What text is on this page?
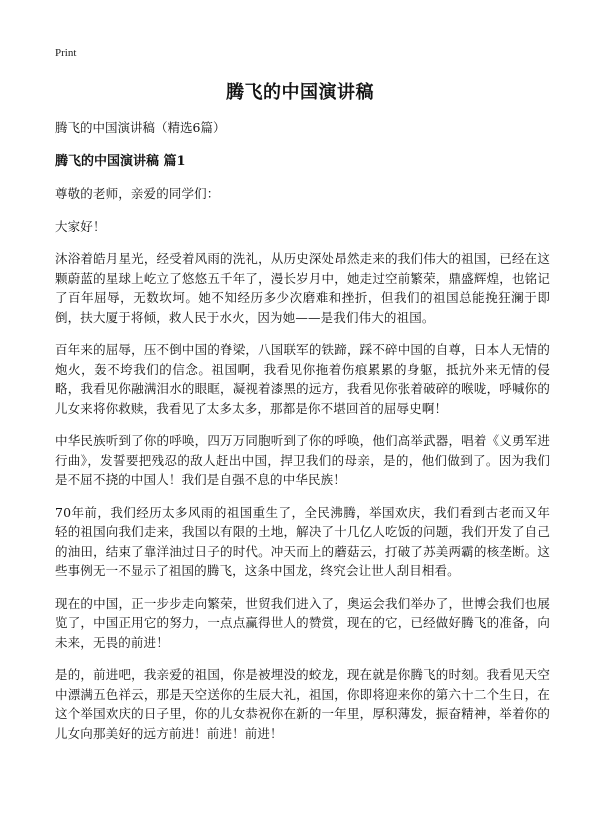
Print
腾飞的中国演讲稿

腾飞的中国演讲稿（精选6篇）

腾飞的中国演讲稿 篇1

尊敬的老师，亲爱的同学们：

大家好！

沐浴着皓月星光，经受着风雨的洗礼，从历史深处昂然走来的我们伟大的祖国，已经在这颗蔚蓝的星球上屹立了悠悠五千年了，漫长岁月中，她走过空前繁荣，鼎盛辉煌，也铭记了百年屈辱，无数坎坷。她不知经历多少次磨难和挫折，但我们的祖国总能挽狂澜于即倒，扶大厦于将倾，救人民于水火，因为她——是我们伟大的祖国。

百年来的屈辱，压不倒中国的脊梁，八国联军的铁蹄，踩不碎中国的自尊，日本人无情的炮火，轰不垮我们的信念。祖国啊，我看见你拖着伤痕累累的身躯，抵抗外来无情的侵略，我看见你融满泪水的眼眶，凝视着漆黑的远方，我看见你张着破碎的喉咙，呼喊你的儿女来将你救赎，我看见了太多太多，那都是你不堪回首的屈辱史啊！

中华民族听到了你的呼唤，四万万同胞听到了你的呼唤，他们高举武器，唱着《义勇军进行曲》，发誓要把残忍的敌人赶出中国，捍卫我们的母亲，是的，他们做到了。因为我们是不屈不挠的中国人！我们是自强不息的中华民族！

70年前，我们经历太多风雨的祖国重生了，全民沸腾，举国欢庆，我们看到古老而又年轻的祖国向我们走来，我国以有限的土地，解决了十几亿人吃饭的问题，我们开发了自己的油田，结束了靠洋油过日子的时代。冲天而上的蘑菇云，打破了苏美两霸的核垄断。这些事例无一不显示了祖国的腾飞，这条中国龙，终究会让世人刮目相看。

现在的中国，正一步步走向繁荣，世贸我们进入了，奥运会我们举办了，世博会我们也展览了，中国正用它的努力，一点点赢得世人的赞赏，现在的它，已经做好腾飞的准备，向未来，无畏的前进！

是的，前进吧，我亲爱的祖国，你是被埋没的蛟龙，现在就是你腾飞的时刻。我看见天空中漂满五色祥云，那是天空送你的生辰大礼，祖国，你即将迎来你的第六十二个生日，在这个举国欢庆的日子里，你的儿女恭祝你在新的一年里，厚积薄发，振奋精神，举着你的儿女向那美好的远方前进！前进！前进！
